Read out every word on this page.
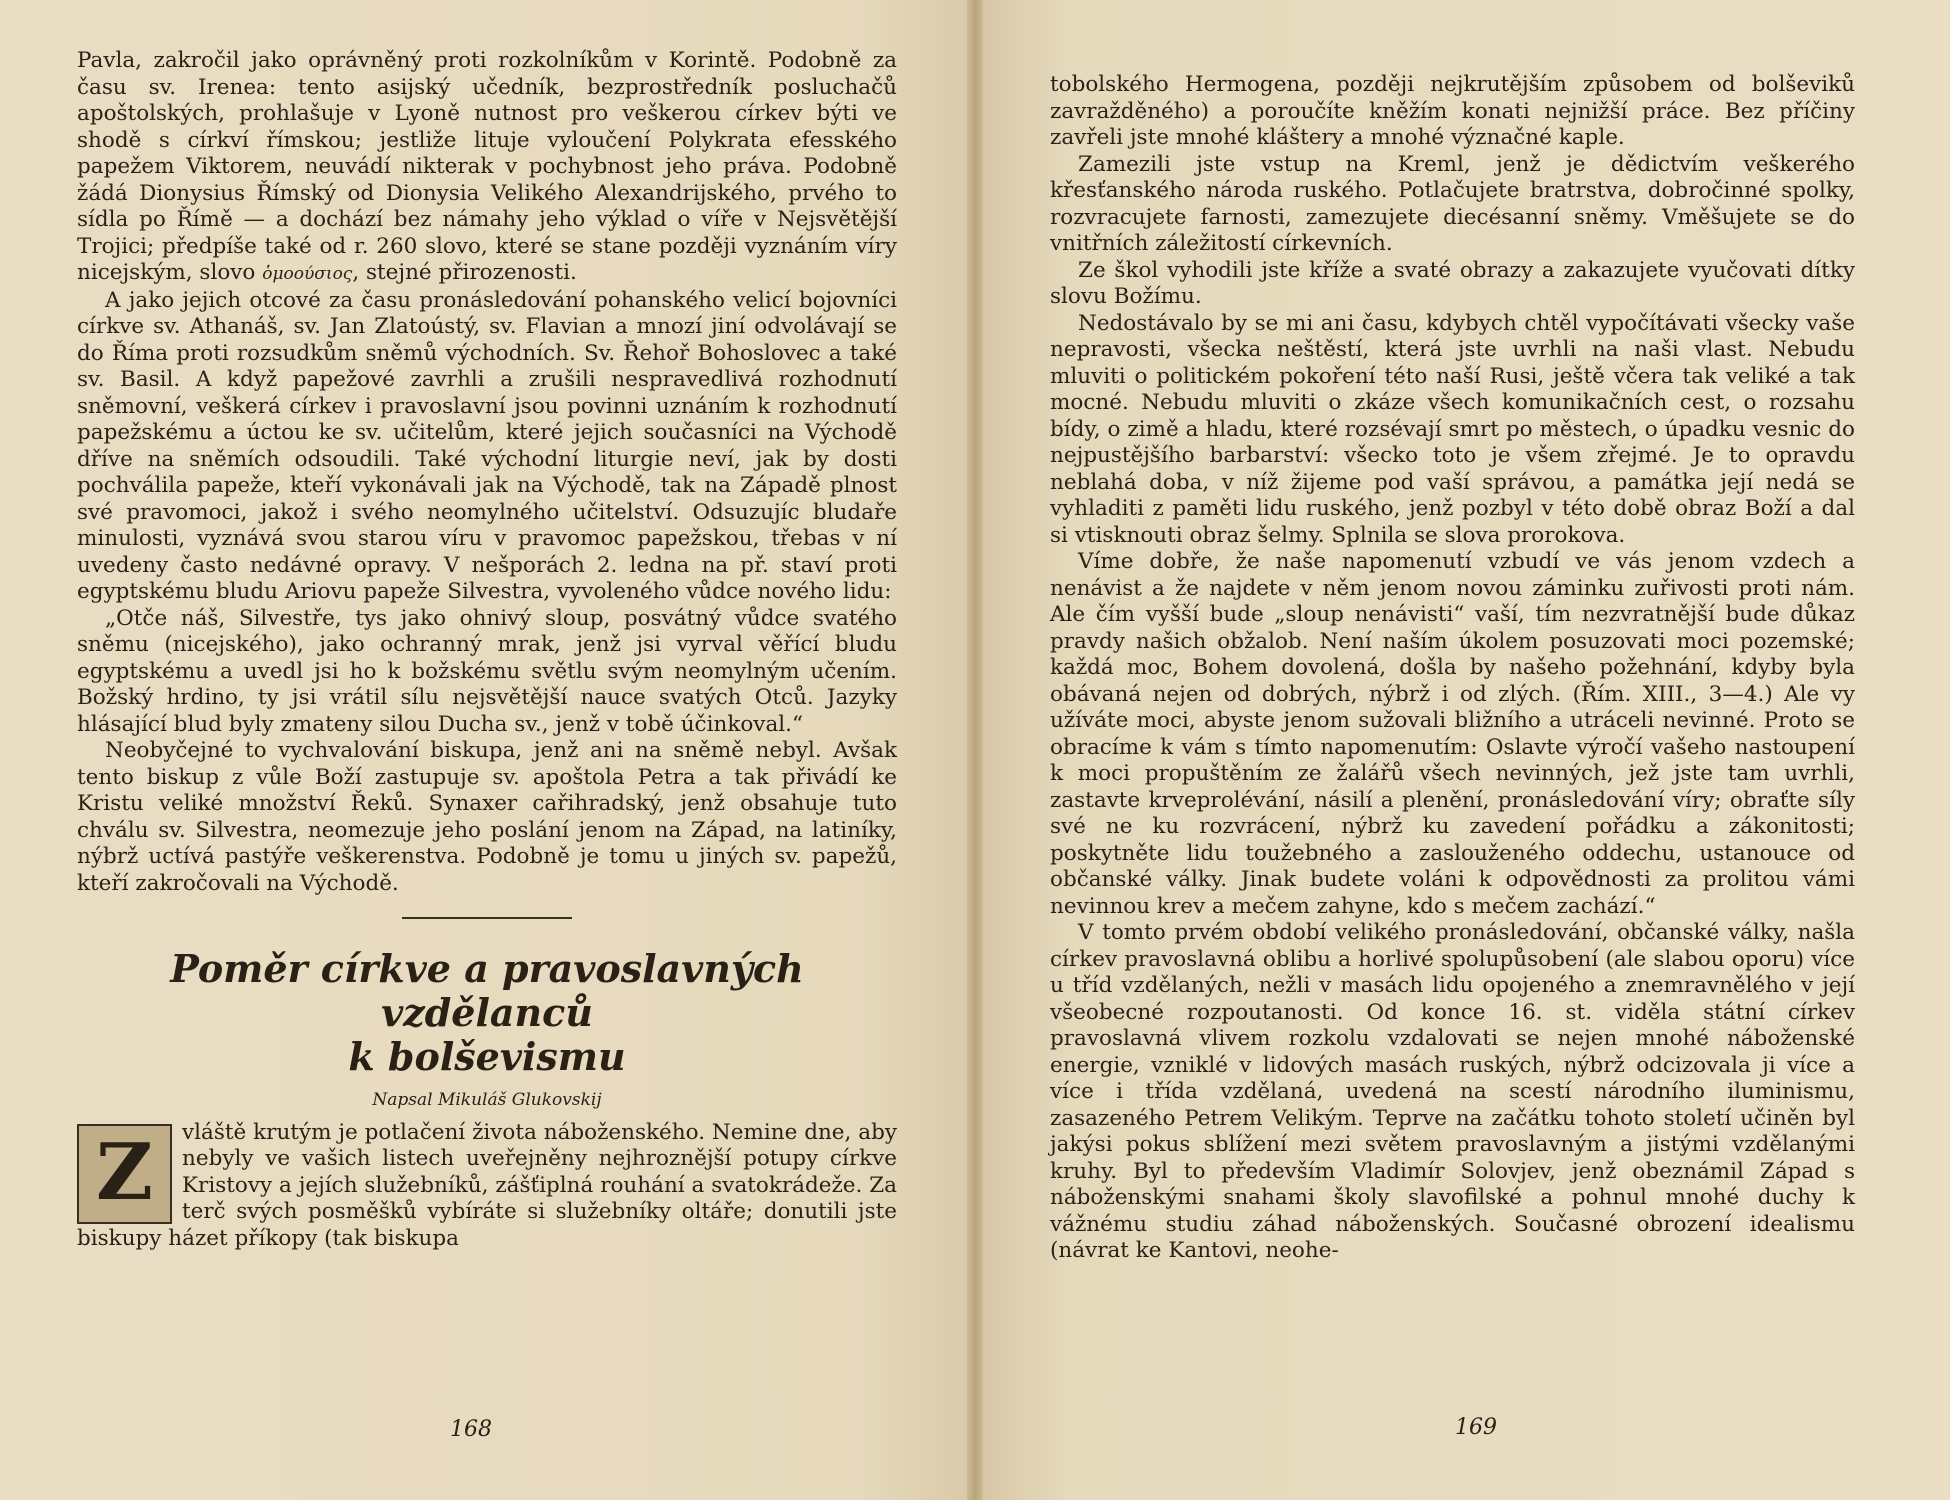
Pavla, zakročil jako oprávněný proti rozkolníkům v Korintě. Podobně za času sv. Irenea: tento asijský učedník, bezprostředník posluchačů apoštolských, prohlašuje v Lyoně nutnost pro veškerou církev býti ve shodě s církví římskou; jestliže lituje vyloučení Polykrata efesského papežem Viktorem, neuvádí nikterak v pochybnost jeho práva. Podobně žádá Dionysius Římský od Dionysia Velikého Alexandrijského, prvého to sídla po Římě — a dochází bez námahy jeho výklad o víře v Nejsvětější Trojici; předpíše také od r. 260 slovo, které se stane později vyznáním víry nicejským, slovo ὁμοούσιος, stejné přirozenosti.

A jako jejich otcové za času pronásledování pohanského velicí bojovníci církve sv. Athanáš, sv. Jan Zlatoústý, sv. Flavian a mnozí jiní odvolávají se do Říma proti rozsudkům sněmů východních. Sv. Řehoř Bohoslovec a také sv. Basil. A když papežové zavrhli a zrušili nespravedlivá rozhodnutí sněmovní, veškerá církev i pravoslavní jsou povinni uznáním k rozhodnutí papežskému a úctou ke sv. učitelům, které jejich současníci na Východě dříve na sněmích odsoudili. Také východní liturgie neví, jak by dosti pochválila papeže, kteří vykonávali jak na Východě, tak na Západě plnost své pravomoci, jakož i svého neomylného učitelství. Odsuzujíc bludaře minulosti, vyznává svou starou víru v pravomoc papežskou, třebas v ní uvedeny často nedávné opravy. V nešporách 2. ledna na př. staví proti egyptskému bludu Ariovu papeže Silvestra, vyvoleného vůdce nového lidu:

„Otče náš, Silvestře, tys jako ohnivý sloup, posvátný vůdce svatého sněmu (nicejského), jako ochranný mrak, jenž jsi vyrval věřící bludu egyptskému a uvedl jsi ho k božskému světlu svým neomylným učením. Božský hrdino, ty jsi vrátil sílu nejsvětější nauce svatých Otců. Jazyky hlásající blud byly zmateny silou Ducha sv., jenž v tobě účinkoval.“

Neobyčejné to vychvalování biskupa, jenž ani na sněmě nebyl. Avšak tento biskup z vůle Boží zastupuje sv. apoštola Petra a tak přivádí ke Kristu veliké množství Řeků. Synaxer cařihradský, jenž obsahuje tuto chválu sv. Silvestra, neomezuje jeho poslání jenom na Západ, na latiníky, nýbrž uctívá pastýře veškerenstva. Podobně je tomu u jiných sv. papežů, kteří zakročovali na Východě.

Poměr církve a pravoslavných vzdělanců
k bolševismu
Napsal Mikuláš Glukovskij
Z	vláště krutým je potlačení života náboženského. Nemine dne, aby nebyly ve vašich listech uveřejněny nejhroznější potupy církve Kristovy a jejích služebníků, zášťiplná rouhání a svatokrádeže. Za terč svých posměšků vybíráte si služebníky oltáře; donutili jste biskupy házet příkopy (tak biskupa

168

tobolského Hermogena, později nejkrutějším způsobem od bolševiků zavražděného) a poroučíte kněžím konati nejnižší práce. Bez příčiny zavřeli jste mnohé kláštery a mnohé význačné kaple.

Zamezili jste vstup na Kreml, jenž je dědictvím veškerého křesťanského národa ruského. Potlačujete bratrstva, dobročinné spolky, rozvracujete farnosti, zamezujete diecésanní sněmy. Vměšujete se do vnitřních záležitostí církevních.

Ze škol vyhodili jste kříže a svaté obrazy a zakazujete vyučovati dítky slovu Božímu.

Nedostávalo by se mi ani času, kdybych chtěl vypočítávati všecky vaše nepravosti, všecka neštěstí, která jste uvrhli na naši vlast. Nebudu mluviti o politickém pokoření této naší Rusi, ještě včera tak veliké a tak mocné. Nebudu mluviti o zkáze všech komunikačních cest, o rozsahu bídy, o zimě a hladu, které rozsévají smrt po městech, o úpadku vesnic do nejpustějšího barbarství: všecko toto je všem zřejmé. Je to opravdu neblahá doba, v níž žijeme pod vaší správou, a památka její nedá se vyhladiti z paměti lidu ruského, jenž pozbyl v této době obraz Boží a dal si vtisknouti obraz šelmy. Splnila se slova prorokova.

Víme dobře, že naše napomenutí vzbudí ve vás jenom vzdech a nenávist a že najdete v něm jenom novou záminku zuřivosti proti nám. Ale čím vyšší bude „sloup nenávisti“ vaší, tím nezvratnější bude důkaz pravdy našich obžalob. Není naším úkolem posuzovati moci pozemské; každá moc, Bohem dovolená, došla by našeho požehnání, kdyby byla obávaná nejen od dobrých, nýbrž i od zlých. (Řím. XIII., 3—4.) Ale vy užíváte moci, abyste jenom sužovali bližního a utráceli nevinné. Proto se obracíme k vám s tímto napomenutím: Oslavte výročí vašeho nastoupení k moci propuštěním ze žalářů všech nevinných, jež jste tam uvrhli, zastavte krveprolévání, násilí a plenění, pronásledování víry; obraťte síly své ne ku rozvrácení, nýbrž ku zavedení pořádku a zákonitosti; poskytněte lidu toužebného a zaslouženého oddechu, ustanouce od občanské války. Jinak budete voláni k odpovědnosti za prolitou vámi nevinnou krev a mečem zahyne, kdo s mečem zachází.“

V tomto prvém období velikého pronásledování, občanské války, našla církev pravoslavná oblibu a horlivé spolupůsobení (ale slabou oporu) více u tříd vzdělaných, nežli v masách lidu opojeného a znemravnělého v její všeobecné rozpoutanosti. Od konce 16. st. viděla státní církev pravoslavná vlivem rozkolu vzdalovati se nejen mnohé náboženské energie, vzniklé v lidových masách ruských, nýbrž odcizovala ji více a více i třída vzdělaná, uvedená na scestí národního iluminismu, zasazeného Petrem Velikým. Teprve na začátku tohoto století učiněn byl jakýsi pokus sblížení mezi světem pravoslavným a jistými vzdělanými kruhy. Byl to především Vladimír Solovjev, jenž obeznámil Západ s náboženskými snahami školy slavofilské a pohnul mnohé duchy k vážnému studiu záhad náboženských. Současné obrození idealismu (návrat ke Kantovi, neohe-

169
